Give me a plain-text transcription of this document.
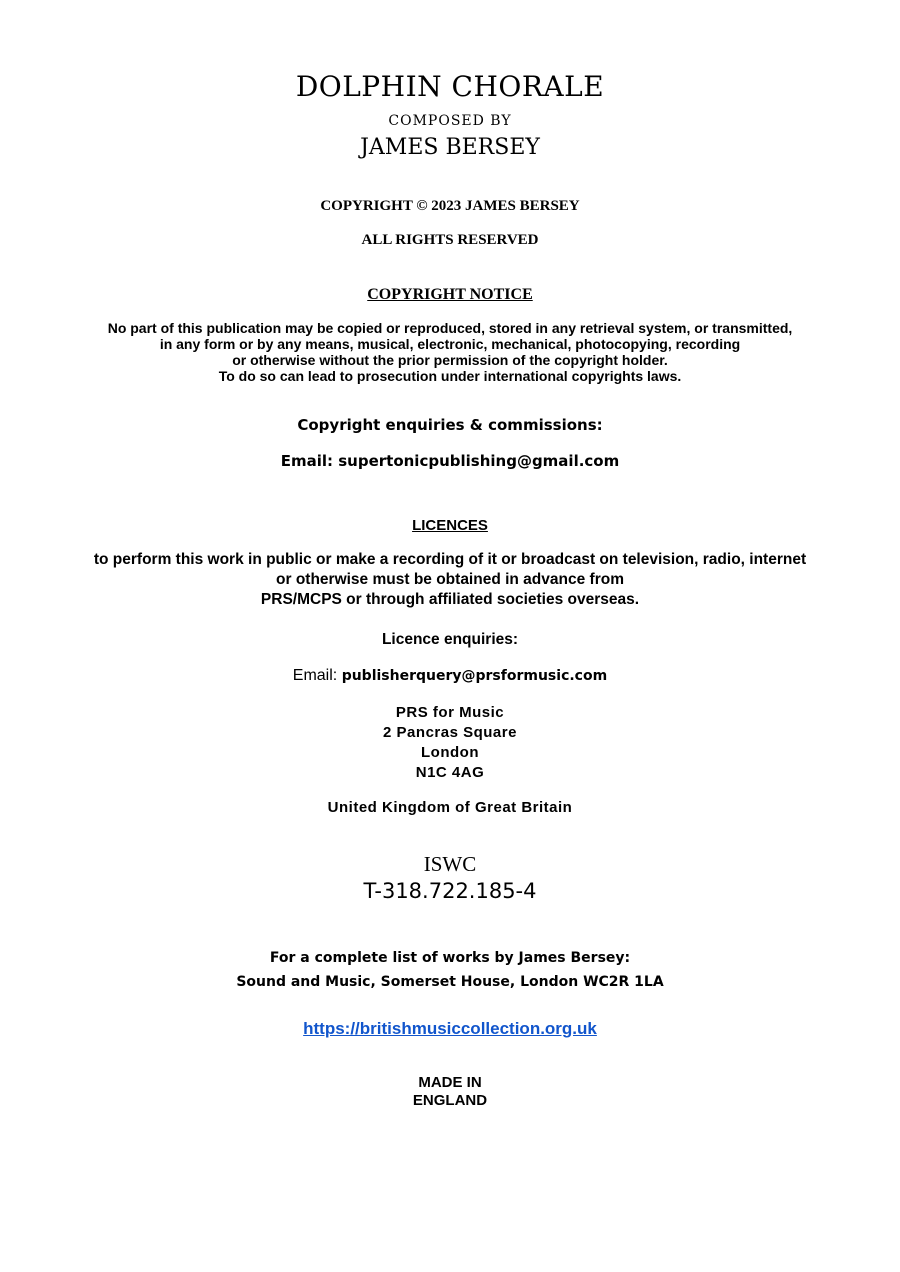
DOLPHIN CHORALE
COMPOSED BY
JAMES BERSEY
COPYRIGHT © 2023 JAMES BERSEY
ALL RIGHTS RESERVED
COPYRIGHT NOTICE
No part of this publication may be copied or reproduced, stored in any retrieval system, or transmitted,
in any form or by any means, musical, electronic, mechanical, photocopying, recording
or otherwise without the prior permission of the copyright holder.
To do so can lead to prosecution under international copyrights laws.
Copyright enquiries & commissions:
Email: supertonicpublishing@gmail.com
LICENCES
to perform this work in public or make a recording of it or broadcast on television, radio, internet
or otherwise must be obtained in advance from
PRS/MCPS or through affiliated societies overseas.
Licence enquiries:
Email: publisherquery@prsformusic.com
PRS for Music
2 Pancras Square
London
N1C 4AG
United Kingdom of Great Britain
ISWC
T-318.722.185-4
For a complete list of works by James Bersey:
Sound and Music, Somerset House, London WC2R 1LA
https://britishmusiccollection.org.uk
MADE IN
ENGLAND
